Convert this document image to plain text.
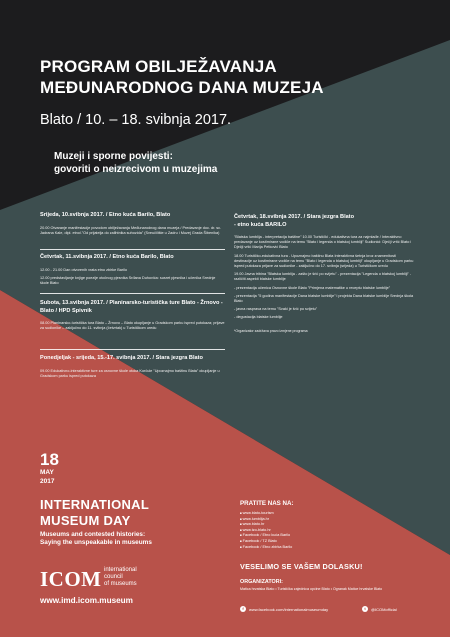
PROGRAM OBILJEŽAVANJA
MEĐUNARODNOG DANA MUZEJA
Blato / 10. – 18. svibnja 2017.
Muzeji i sporne povijesti:
govoriti o neizrecivom u muzejima
Srijeda, 10.svibnja 2017. / Etno kuća Barilo, Blato

20.00 Otvaranje manifestacije povodom obilježavanja Međunarodnog dana muzeja / Predavanje doc. dr. sc. Jadrana Kale, dipl. etnol."Od prijatelja do zalihtnika suhozida" (Sveučilište u Zadru i Muzej Grada Šibenika)

Četvrtak, 11.svibnja 2017. / Etno kuća Barilo, Blato

12.00 - 21.00 Dan otvorenih vrata etno zbirke Barilo

12.00 predstavljanje knjige poezije otočnog pjesnika Srđana Duhovića: susret pjesnika i učenika Srednje škole Blato

Subota, 13.svibnja 2017. / Planinarsko-turistička ture Blato - Žrnovo - Blato / HPD Spivnik

08.00 Planinarsko-turistička tura Blato – Žrnovo – Blato okupljanje u Gradskom parku ispred putokaza; prijave za sudionike – zaključno do 11. svibnja (četvrtak) u Turističkom uredu

Ponedjeljak - srijeda, 15.-17. svibnja 2017. / Stara jezgra Blato

09.00 Edukativno-interaktivne ture za osnovne škole otoka Korčule "Upoznajmo baštinu Blata" okupljanje u Gradskom parku ispred putokaza

Četvrtak, 18.svibnja 2017. / Stara jezgra Blato
- etno kuća BARILO

"Blatska lumblija - interpretacija baštine" 10.00 Turistički - edukativna tura za najmlađe / Interaktivno predavanje uz kostimirane vodiče na temu "Blato i legenda o blatskoj lumbliji" Sudionici: Dječji vrtić Blato i Dječji vrtić Marija Petković Blato

18.00 Turističko-edukativna tura - Upoznajmo baštinu Blata Interaktivna šetnja kroz znamenitosti destinacije uz kostimirane vodiče na temu "Blato i legenda o blatskoj lumbliji" okupljanje u Gradskom parku ispred putokaza prijave za sudionike - zaključno do 17. svibnja (srijeda) u Turističkom uredu

19.00 Javna tribina "Blatska lumblija - zašto je šrić po svijetu" - prezentacija "Legenda o blatskoj lumbliji" - različiti aspekti blatske lumblije

- prezentacija učenica Osnovne škole Blato "Primjena matematike u receptu blatske lumblije"

- prezentacija "5 godina manifestacije Dana blatske lumblije" i projekta Dana blatske lumblije Srednja škola Blato

- javna rasprava na temu "Svaki je šrić po svijetu"

- degustacija blatske lumblije

*Organizator zadržava pravo izmjene programa
18
MAY
2017
INTERNATIONAL
MUSEUM DAY
Museums and contested histories:
Saying the unspeakable in museums
ICOM international
council
of museums
www.imd.icom.museum
PRATITE NAS NA:
■ www.blato-tourism
■ www.lumblija.hr
■ www.blato.hr
■ www.tzo-blato.hr
■ Facebook / Etno kuća Barilo
■ Facebook / TZ Blato
■ Facebook / Etno zbirka Barilo
VESELIMO SE VAŠEM DOLASKU!
ORGANIZATORI:
Matica hrvatska Blato • Turistička zajednica općine Blato • Ogranak Matice hrvatske Blato
f	www.facebook.com/internationalmuseumday	t	@ICOMofficial
